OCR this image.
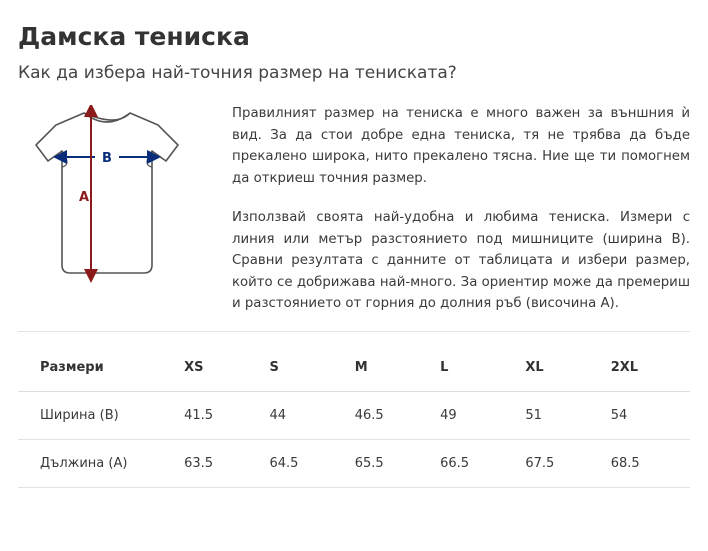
Дамска тениска
Как да избера най-точния размер на тениската?
B
A

Правилният размер на тениска е много важен за външния ѝ вид. За да стои добре една тениска, тя не трябва да бъде прекалено широка, нито прекалено тясна. Ние ще ти помогнем да откриеш точния размер.

Използвай своята най-удобна и любима тениска. Измери с линия или метър разстоянието под мишниците (ширина B). Сравни резултата с данните от таблицата и избери размер, който се добрижава най-много. За ориентир може да премериш и разстоянието от горния до долния ръб (височина A).

Размери	XS	S	M	L	XL	2XL
Ширина (B)	41.5	44	46.5	49	51	54
Дължина (А)	63.5	64.5	65.5	66.5	67.5	68.5
